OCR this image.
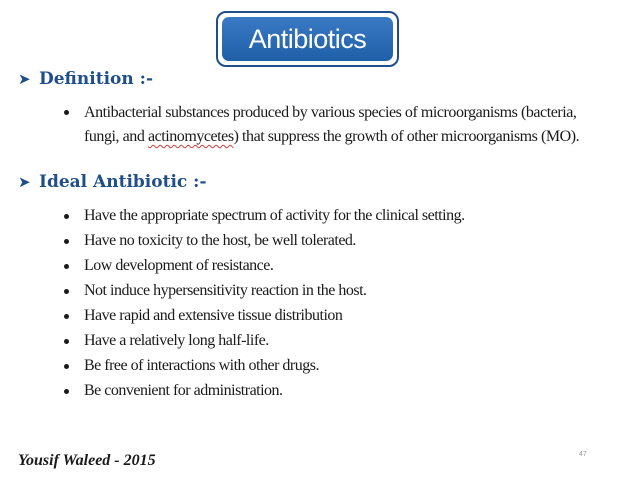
Antibiotics
➤ Definition :-
Antibacterial substances produced by various species of microorganisms (bacteria,
fungi, and actinomycetes) that suppress the growth of other microorganisms (MO).
➤ Ideal Antibiotic :-
Have the appropriate spectrum of activity for the clinical setting.
Have no toxicity to the host, be well tolerated.
Low development of resistance.
Not induce hypersensitivity reaction in the host.
Have rapid and extensive tissue distribution
Have a relatively long half-life.
Be free of interactions with other drugs.
Be convenient for administration.
Yousif Waleed - 2015	47
